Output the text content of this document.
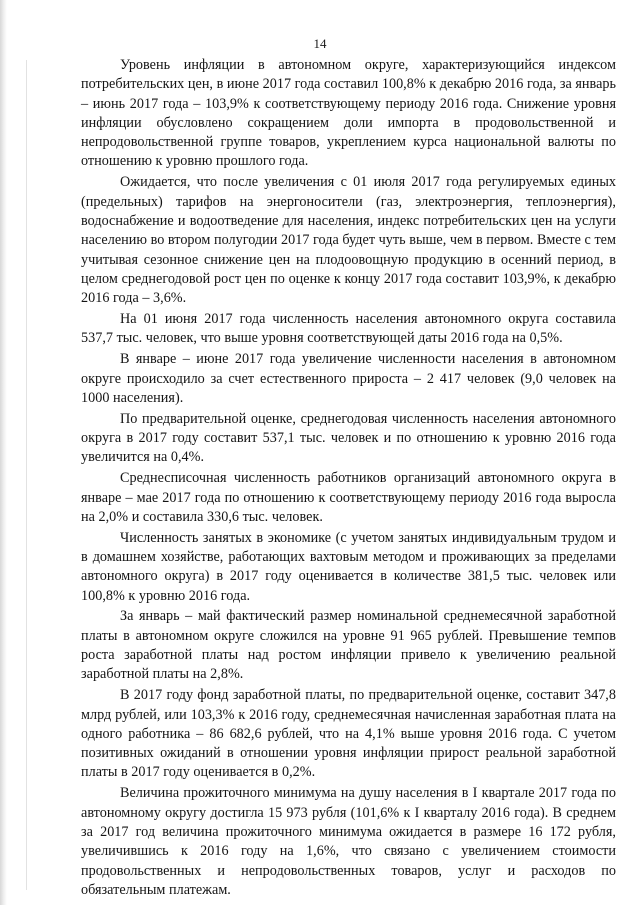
14

Уровень инфляции в автономном округе, характеризующийся индексом потребительских цен, в июне 2017 года составил 100,8% к декабрю 2016 года, за январь – июнь 2017 года – 103,9% к соответствующему периоду 2016 года. Снижение уровня инфляции обусловлено сокращением доли импорта в продовольственной и непродовольственной группе товаров, укреплением курса национальной валюты по отношению к уровню прошлого года.

Ожидается, что после увеличения с 01 июля 2017 года регулируемых единых (предельных) тарифов на энергоносители (газ, электроэнергия, теплоэнергия), водоснабжение и водоотведение для населения, индекс потребительских цен на услуги населению во втором полугодии 2017 года будет чуть выше, чем в первом. Вместе с тем учитывая сезонное снижение цен на плодоовощную продукцию в осенний период, в целом среднегодовой рост цен по оценке к концу 2017 года составит 103,9%, к декабрю 2016 года – 3,6%.

На 01 июня 2017 года численность населения автономного округа составила 537,7 тыс. человек, что выше уровня соответствующей даты 2016 года на 0,5%.

В январе – июне 2017 года увеличение численности населения в автономном округе происходило за счет естественного прироста – 2 417 человек (9,0 человек на 1000 населения).

По предварительной оценке, среднегодовая численность населения автономного округа в 2017 году составит 537,1 тыс. человек и по отношению к уровню 2016 года увеличится на 0,4%.

Среднесписочная численность работников организаций автономного округа в январе – мае 2017 года по отношению к соответствующему периоду 2016 года выросла на 2,0% и составила 330,6 тыс. человек.

Численность занятых в экономике (с учетом занятых индивидуальным трудом и в домашнем хозяйстве, работающих вахтовым методом и проживающих за пределами автономного округа) в 2017 году оценивается в количестве 381,5 тыс. человек или 100,8% к уровню 2016 года.

За январь – май фактический размер номинальной среднемесячной заработной платы в автономном округе сложился на уровне 91 965 рублей. Превышение темпов роста заработной платы над ростом инфляции привело к увеличению реальной заработной платы на 2,8%.

В 2017 году фонд заработной платы, по предварительной оценке, составит 347,8 млрд рублей, или 103,3% к 2016 году, среднемесячная начисленная заработная плата на одного работника – 86 682,6 рублей, что на 4,1% выше уровня 2016 года. С учетом позитивных ожиданий в отношении уровня инфляции прирост реальной заработной платы в 2017 году оценивается в 0,2%.

Величина прожиточного минимума на душу населения в I квартале 2017 года по автономному округу достигла 15 973 рубля (101,6% к I кварталу 2016 года). В среднем за 2017 год величина прожиточного минимума ожидается в размере 16 172 рубля, увеличившись к 2016 году на 1,6%, что связано с увеличением стоимости продовольственных и непродовольственных товаров, услуг и расходов по обязательным платежам.
